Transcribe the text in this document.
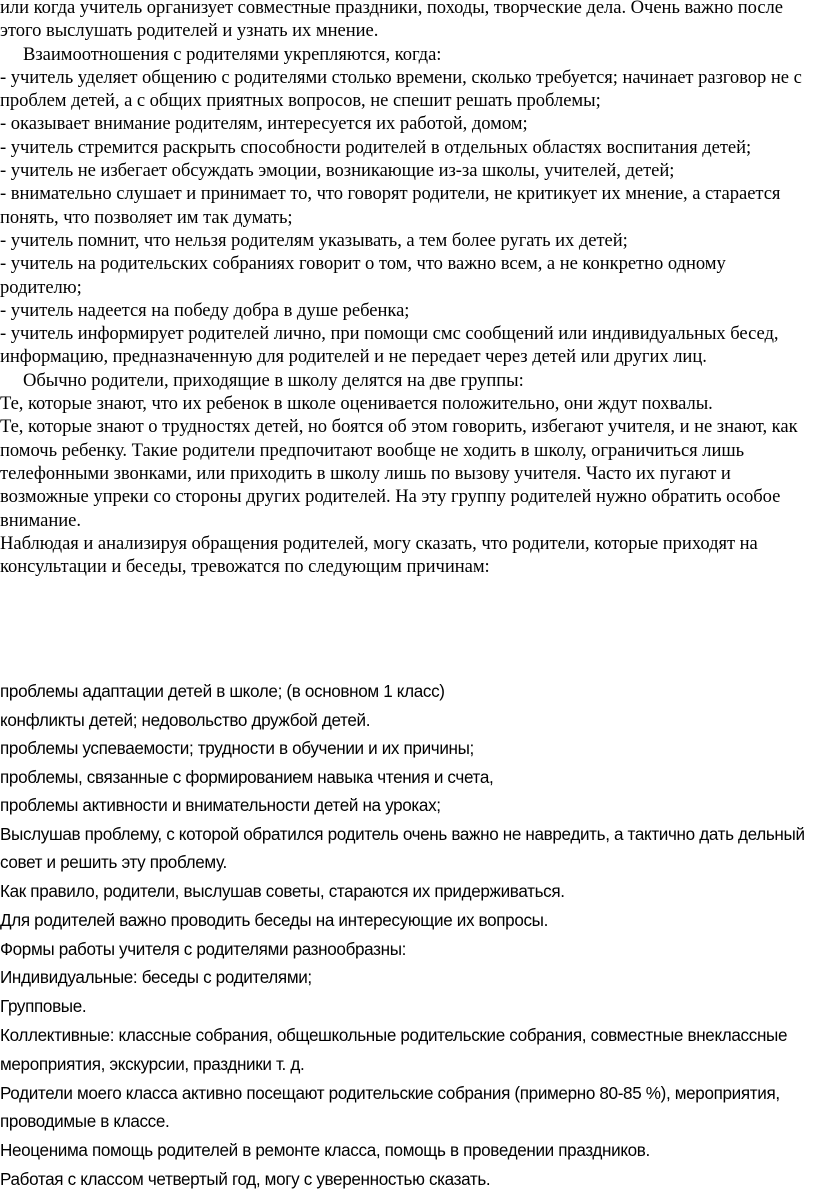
или когда учитель организует совместные праздники, походы, творческие дела. Очень важно после этого выслушать родителей и узнать их мнение.

Взаимоотношения с родителями укрепляются, когда:

- учитель уделяет общению с родителями столько времени, сколько требуется; начинает разговор не с проблем детей, а с общих приятных вопросов, не спешит решать проблемы;

- оказывает внимание родителям, интересуется их работой, домом;

- учитель стремится раскрыть способности родителей в отдельных областях воспитания детей;

- учитель не избегает обсуждать эмоции, возникающие из-за школы, учителей, детей;

- внимательно слушает и принимает то, что говорят родители, не критикует их мнение, а старается понять, что позволяет им так думать;

- учитель помнит, что нельзя родителям указывать, а тем более ругать их детей;

- учитель на родительских собраниях говорит о том, что важно всем, а не конкретно одному родителю;

- учитель надеется на победу добра в душе ребенка;

- учитель информирует родителей лично, при помощи смс сообщений или индивидуальных бесед, информацию, предназначенную для родителей и не передает через детей или других лиц.

Обычно родители, приходящие в школу делятся на две группы:

Те, которые знают, что их ребенок в школе оценивается положительно, они ждут похвалы.

Те, которые знают о трудностях детей, но боятся об этом говорить, избегают учителя, и не знают, как помочь ребенку. Такие родители предпочитают вообще не ходить в школу, ограничиться лишь телефонными звонками, или приходить в школу лишь по вызову учителя. Часто их пугают и возможные упреки со стороны других родителей. На эту группу родителей нужно обратить особое внимание.

Наблюдая и анализируя обращения родителей, могу сказать, что родители, которые приходят на консультации и беседы, тревожатся по следующим причинам:

проблемы адаптации детей в школе; (в основном 1 класс)

конфликты детей; недовольство дружбой детей.

проблемы успеваемости; трудности в обучении и их причины;

проблемы, связанные с формированием навыка чтения и счета,

проблемы активности и внимательности детей на уроках;

Выслушав проблему, с которой обратился родитель очень важно не навредить, а тактично дать дельный совет и решить эту проблему.

Как правило, родители, выслушав советы, стараются их придерживаться.

Для родителей важно проводить беседы на интересующие их вопросы.

Формы работы учителя с родителями разнообразны:

Индивидуальные: беседы с родителями;

Групповые.

Коллективные: классные собрания, общешкольные родительские собрания, совместные внеклассные мероприятия, экскурсии, праздники т. д.

Родители моего класса активно посещают родительские собрания (примерно 80-85 %), мероприятия, проводимые в классе.

Неоценима помощь родителей в ремонте класса, помощь в проведении праздников.

Работая с классом четвертый год, могу с уверенностью сказать.
